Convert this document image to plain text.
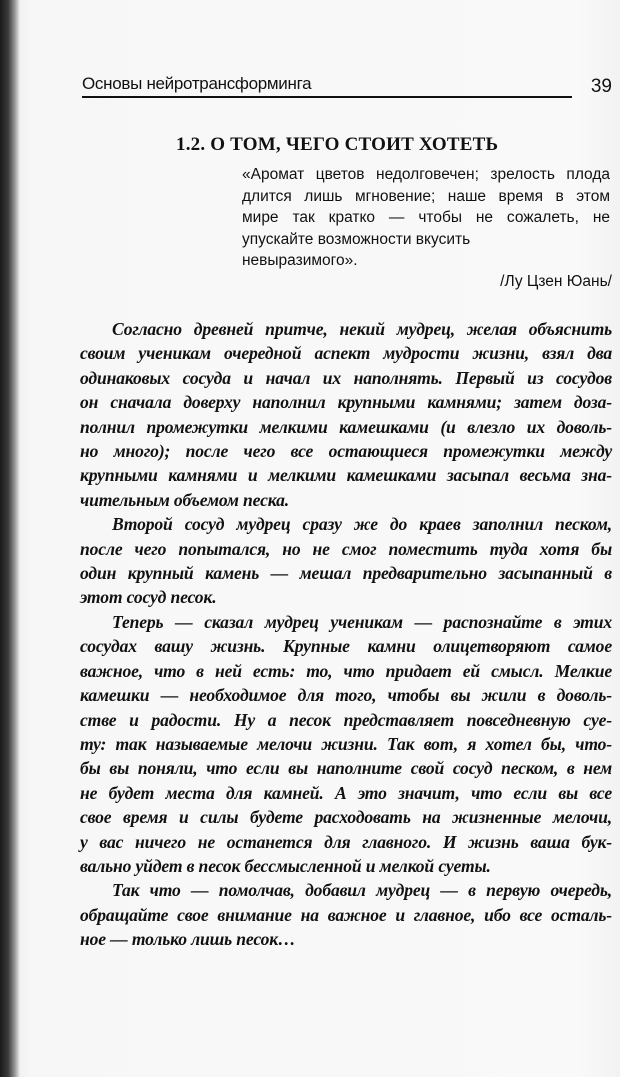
Основы нейротрансформинга	39
1.2. О ТОМ, ЧЕГО СТОИТ ХОТЕТЬ
«Аромат цветов недолговечен; зрелость плода
длится лишь мгновение; наше время в этом
мире так кратко — чтобы не сожалеть, не
упускайте возможности вкусить
невыразимого».
/Лу Цзен Юань/
Согласно древней притче, некий мудрец, желая объяснить
своим ученикам очередной аспект мудрости жизни, взял два
одинаковых сосуда и начал их наполнять. Первый из сосудов
он сначала доверху наполнил крупными камнями; затем доза-
полнил промежутки мелкими камешками (и влезло их доволь-
но много); после чего все остающиеся промежутки между
крупными камнями и мелкими камешками засыпал весьма зна-
чительным объемом песка.
Второй сосуд мудрец сразу же до краев заполнил песком,
после чего попытался, но не смог поместить туда хотя бы
один крупный камень — мешал предварительно засыпанный в
этот сосуд песок.
Теперь — сказал мудрец ученикам — распознайте в этих
сосудах вашу жизнь. Крупные камни олицетворяют самое
важное, что в ней есть: то, что придает ей смысл. Мелкие
камешки — необходимое для того, чтобы вы жили в доволь-
стве и радости. Ну а песок представляет повседневную суе-
ту: так называемые мелочи жизни. Так вот, я хотел бы, что-
бы вы поняли, что если вы наполните свой сосуд песком, в нем
не будет места для камней. А это значит, что если вы все
свое время и силы будете расходовать на жизненные мелочи,
у вас ничего не останется для главного. И жизнь ваша бук-
вально уйдет в песок бессмысленной и мелкой суеты.
Так что — помолчав, добавил мудрец — в первую очередь,
обращайте свое внимание на важное и главное, ибо все осталь-
ное — только лишь песок…
